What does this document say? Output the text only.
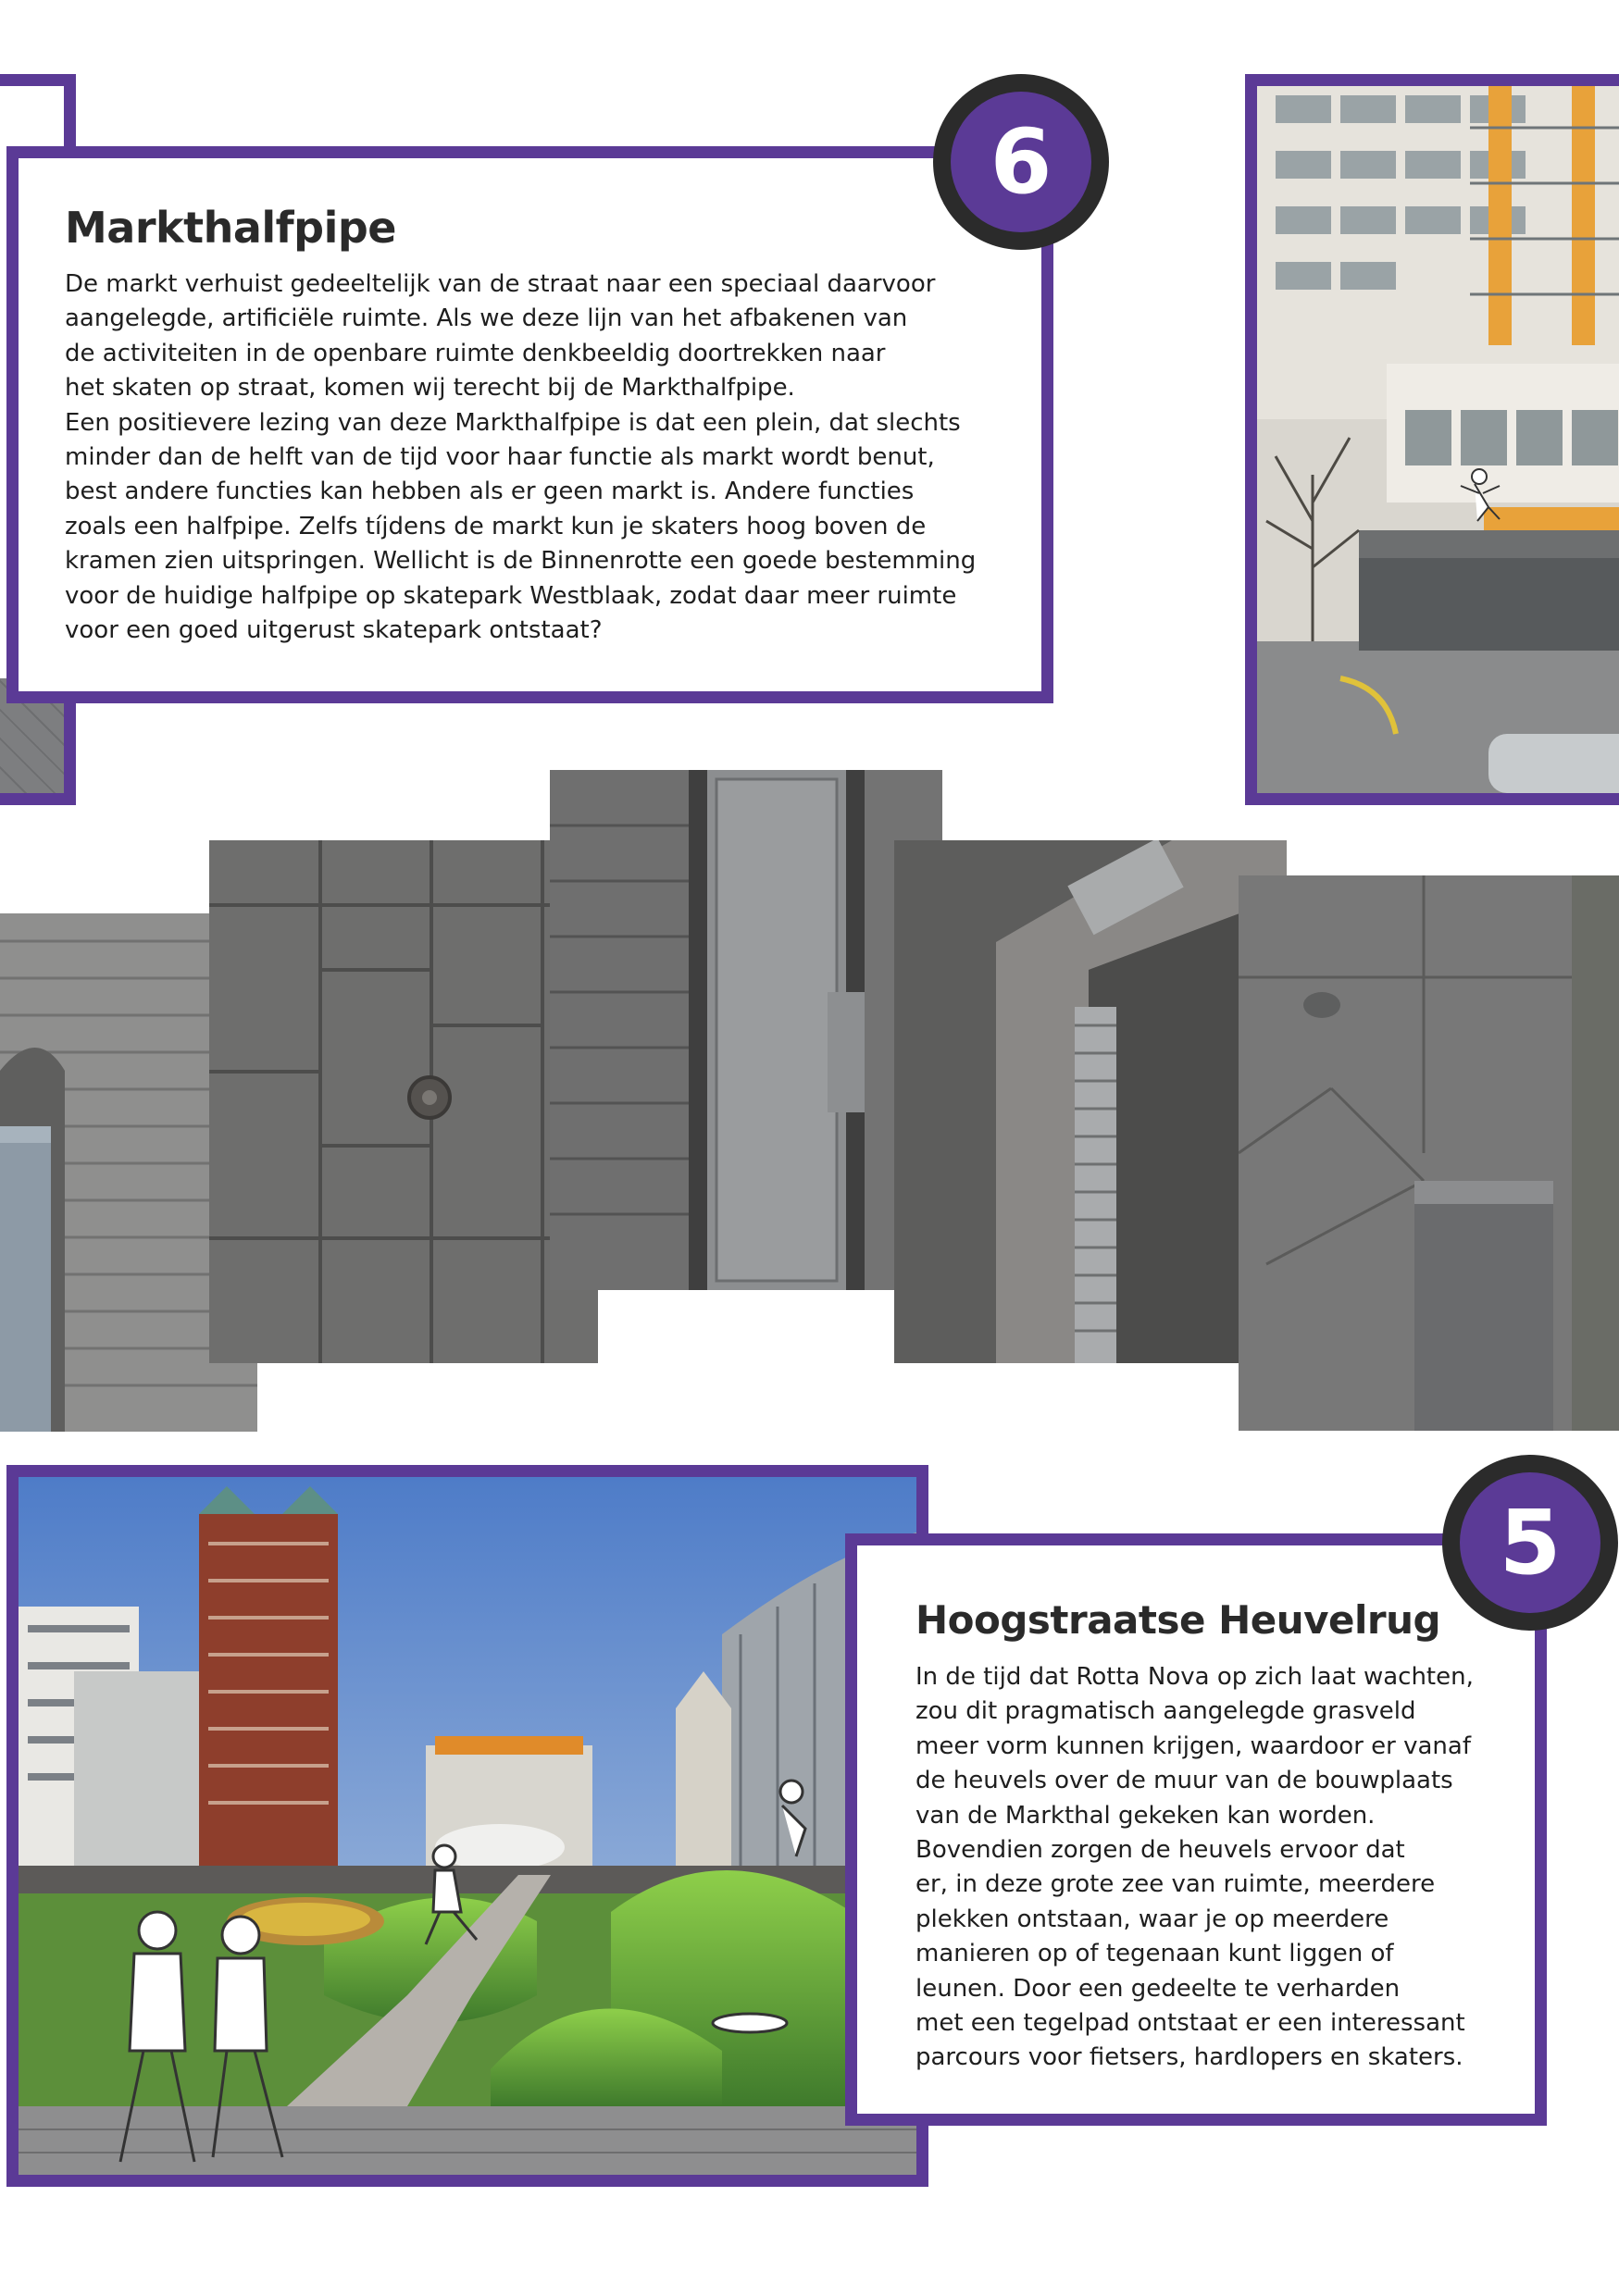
Markthalfpipe

De markt verhuist gedeeltelijk van de straat naar een speciaal daarvoor

aangelegde, artificiële ruimte. Als we deze lijn van het afbakenen van

de activiteiten in de openbare ruimte denkbeeldig doortrekken naar

het skaten op straat, komen wij terecht bij de Markthalfpipe.

Een positievere lezing van deze Markthalfpipe is dat een plein, dat slechts

minder dan de helft van de tijd voor haar functie als markt wordt benut,

best andere functies kan hebben als er geen markt is. Andere functies

zoals een halfpipe. Zelfs tíjdens de markt kun je skaters hoog boven de

kramen zien uitspringen. Wellicht is de Binnenrotte een goede bestemming

voor de huidige halfpipe op skatepark Westblaak, zodat daar meer ruimte

voor een goed uitgerust skatepark ontstaat?

6
Hoogstraatse Heuvelrug

In de tijd dat Rotta Nova op zich laat wachten,

zou dit pragmatisch aangelegde grasveld

meer vorm kunnen krijgen, waardoor er vanaf

de heuvels over de muur van de bouwplaats

van de Markthal gekeken kan worden.

Bovendien zorgen de heuvels ervoor dat

er, in deze grote zee van ruimte, meerdere

plekken ontstaan, waar je op meerdere

manieren op of tegenaan kunt liggen of

leunen. Door een gedeelte te verharden

met een tegelpad ontstaat er een interessant

parcours voor fietsers, hardlopers en skaters.

5
